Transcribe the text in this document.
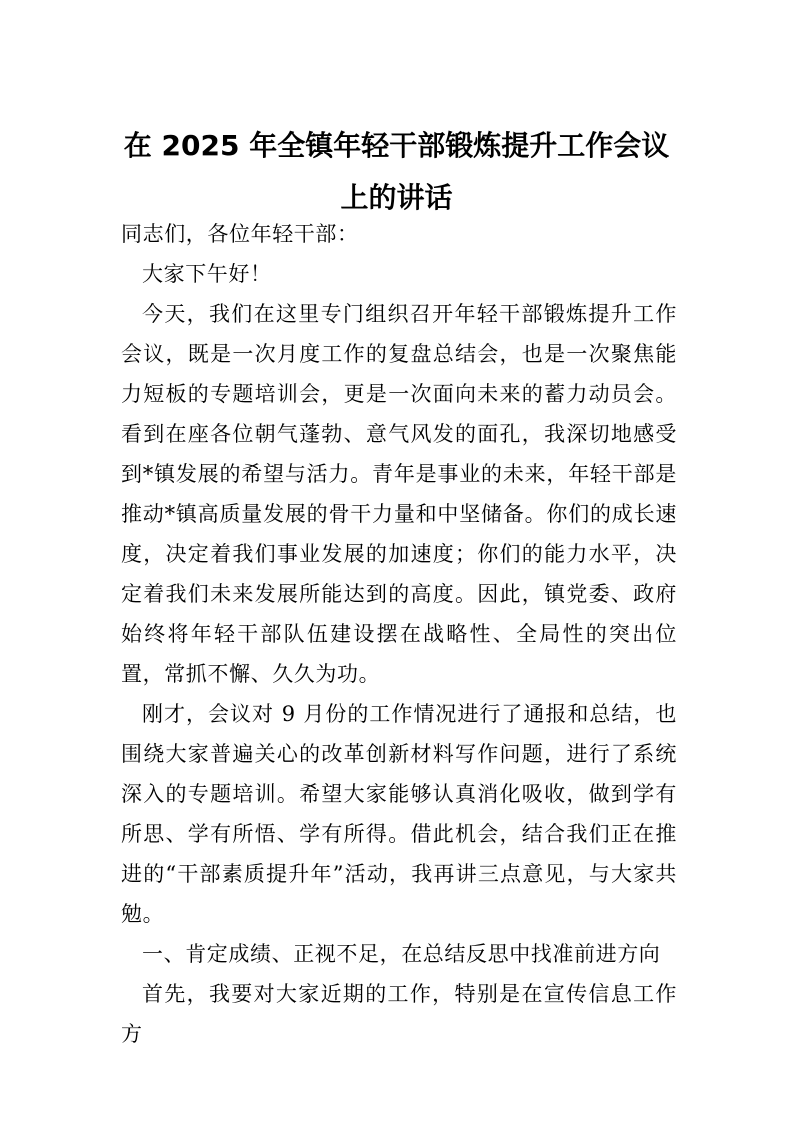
在 2025 年全镇年轻干部锻炼提升工作会议
上的讲话

同志们，各位年轻干部：

大家下午好！

今天，我们在这里专门组织召开年轻干部锻炼提升工作会议，既是一次月度工作的复盘总结会，也是一次聚焦能力短板的专题培训会，更是一次面向未来的蓄力动员会。看到在座各位朝气蓬勃、意气风发的面孔，我深切地感受到*镇发展的希望与活力。青年是事业的未来，年轻干部是推动*镇高质量发展的骨干力量和中坚储备。你们的成长速度，决定着我们事业发展的加速度；你们的能力水平，决定着我们未来发展所能达到的高度。因此，镇党委、政府始终将年轻干部队伍建设摆在战略性、全局性的突出位置，常抓不懈、久久为功。

刚才，会议对 9 月份的工作情况进行了通报和总结，也围绕大家普遍关心的改革创新材料写作问题，进行了系统深入的专题培训。希望大家能够认真消化吸收，做到学有所思、学有所悟、学有所得。借此机会，结合我们正在推进的“干部素质提升年”活动，我再讲三点意见，与大家共勉。

一、肯定成绩、正视不足，在总结反思中找准前进方向

首先，我要对大家近期的工作，特别是在宣传信息工作方
